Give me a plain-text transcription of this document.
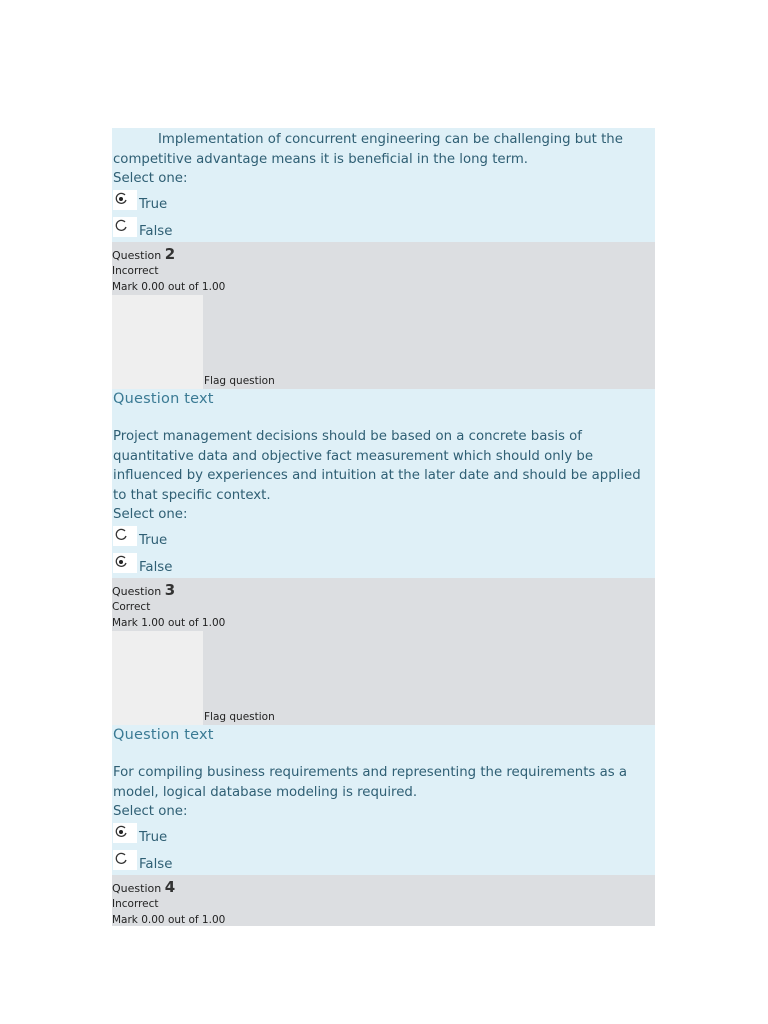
Implementation of concurrent engineering can be challenging but the competitive advantage means it is beneficial in the long term.
Select one:
True
False
Question 2
Incorrect
Mark 0.00 out of 1.00
Flag question
Question text
Project management decisions should be based on a concrete basis of quantitative data and objective fact measurement which should only be influenced by experiences and intuition at the later date and should be applied to that specific context.
Select one:
True
False
Question 3
Correct
Mark 1.00 out of 1.00
Flag question
Question text
For compiling business requirements and representing the requirements as a model, logical database modeling is required.
Select one:
True
False
Question 4
Incorrect
Mark 0.00 out of 1.00
